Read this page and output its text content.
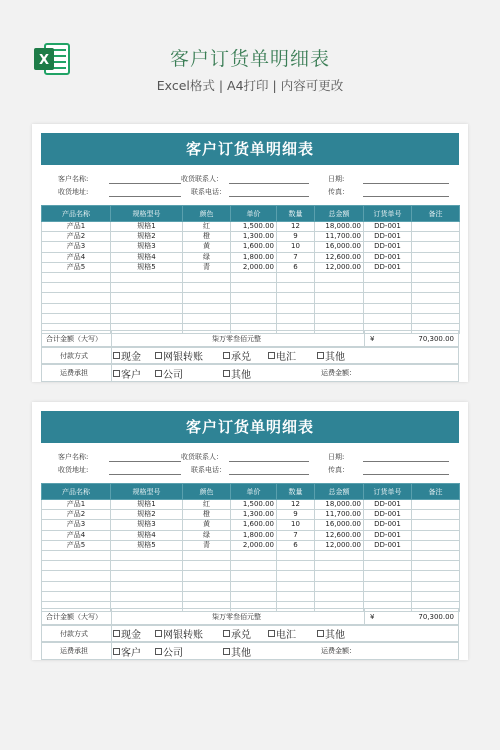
X	客户订货单明细表
Excel格式 | A4打印 | 内容可更改
客户订货单明细表
客户名称:	收货联系人：	日期:
收货地址:	联系电话：	传真：
产品名称	规格型号	颜色	单价	数量	总金额	订货单号	备注
产品1	规格1	红	1,500.00	12	18,000.00	DD-001	
产品2	规格2	橙	1,300.00	9	11,700.00	DD-001	
产品3	规格3	黄	1,600.00	10	16,000.00	DD-001	
产品4	规格4	绿	1,800.00	7	12,600.00	DD-001	
产品5	规格5	青	2,000.00	6	12,000.00	DD-001	

合计金额（大写）	柒万零叁佰元整	¥	70,300.00
付款方式	现金 网银转账	承兑	电汇	其他
运费承担	客户 公司	其他	运费金额：
客户订货单明细表
客户名称:	收货联系人：	日期:
收货地址:	联系电话：	传真：
产品名称	规格型号	颜色	单价	数量	总金额	订货单号	备注
产品1	规格1	红	1,500.00	12	18,000.00	DD-001	
产品2	规格2	橙	1,300.00	9	11,700.00	DD-001	
产品3	规格3	黄	1,600.00	10	16,000.00	DD-001	
产品4	规格4	绿	1,800.00	7	12,600.00	DD-001	
产品5	规格5	青	2,000.00	6	12,000.00	DD-001	

合计金额（大写）	柒万零叁佰元整	¥	70,300.00
付款方式	现金 网银转账	承兑	电汇	其他
运费承担	客户 公司	其他	运费金额：
